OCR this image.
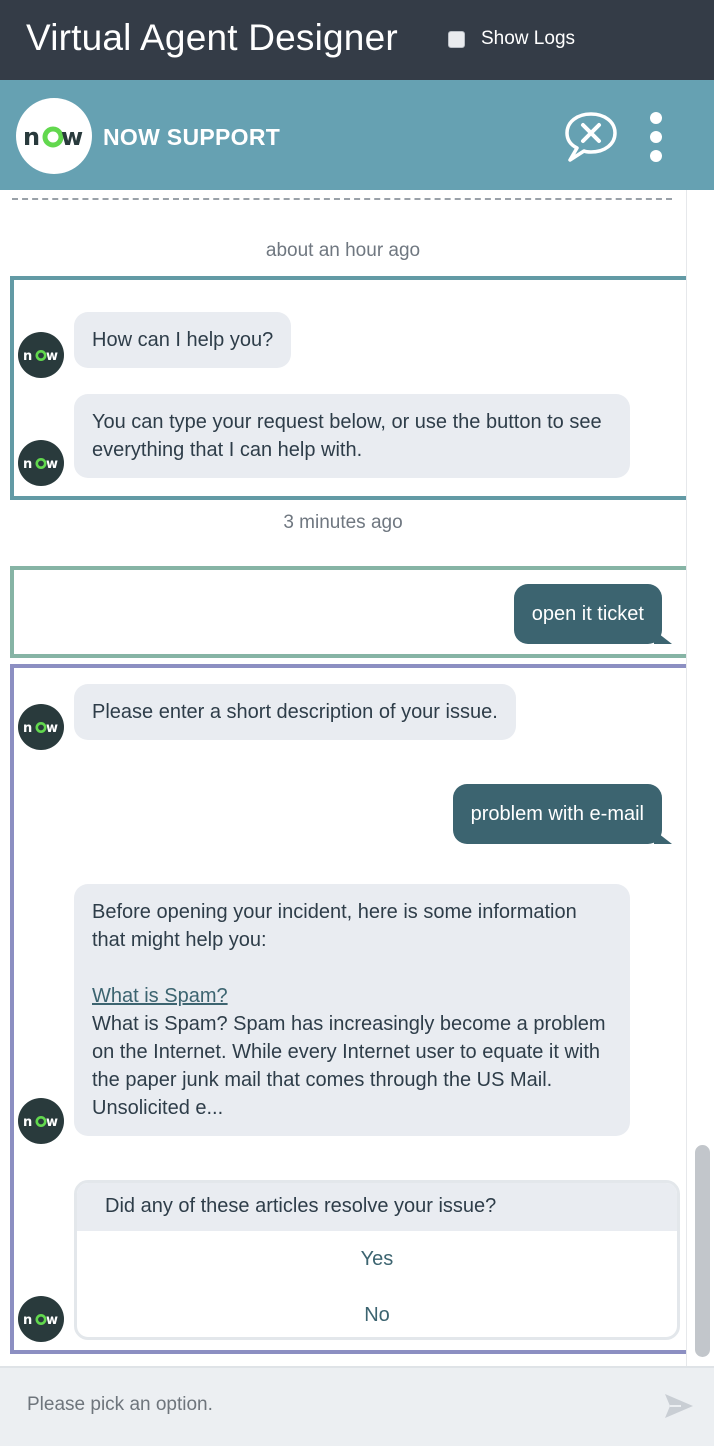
Virtual Agent Designer	Show Logs
n w NOW SUPPORT
about an hour ago
n w
How can I help you?
n w
You can type your request below, or use the button to see everything that I can help with.
3 minutes ago
open it ticket
n w
Please enter a short description of your issue.
problem with e-mail
n w
Before opening your incident, here is some information that might help you:
What is Spam?
What is Spam? Spam has increasingly become a problem on the Internet. While every Internet user to equate it with the paper junk mail that comes through the US Mail. Unsolicited e...
n w
Did any of these articles resolve your issue?
Yes
No
Please pick an option.
